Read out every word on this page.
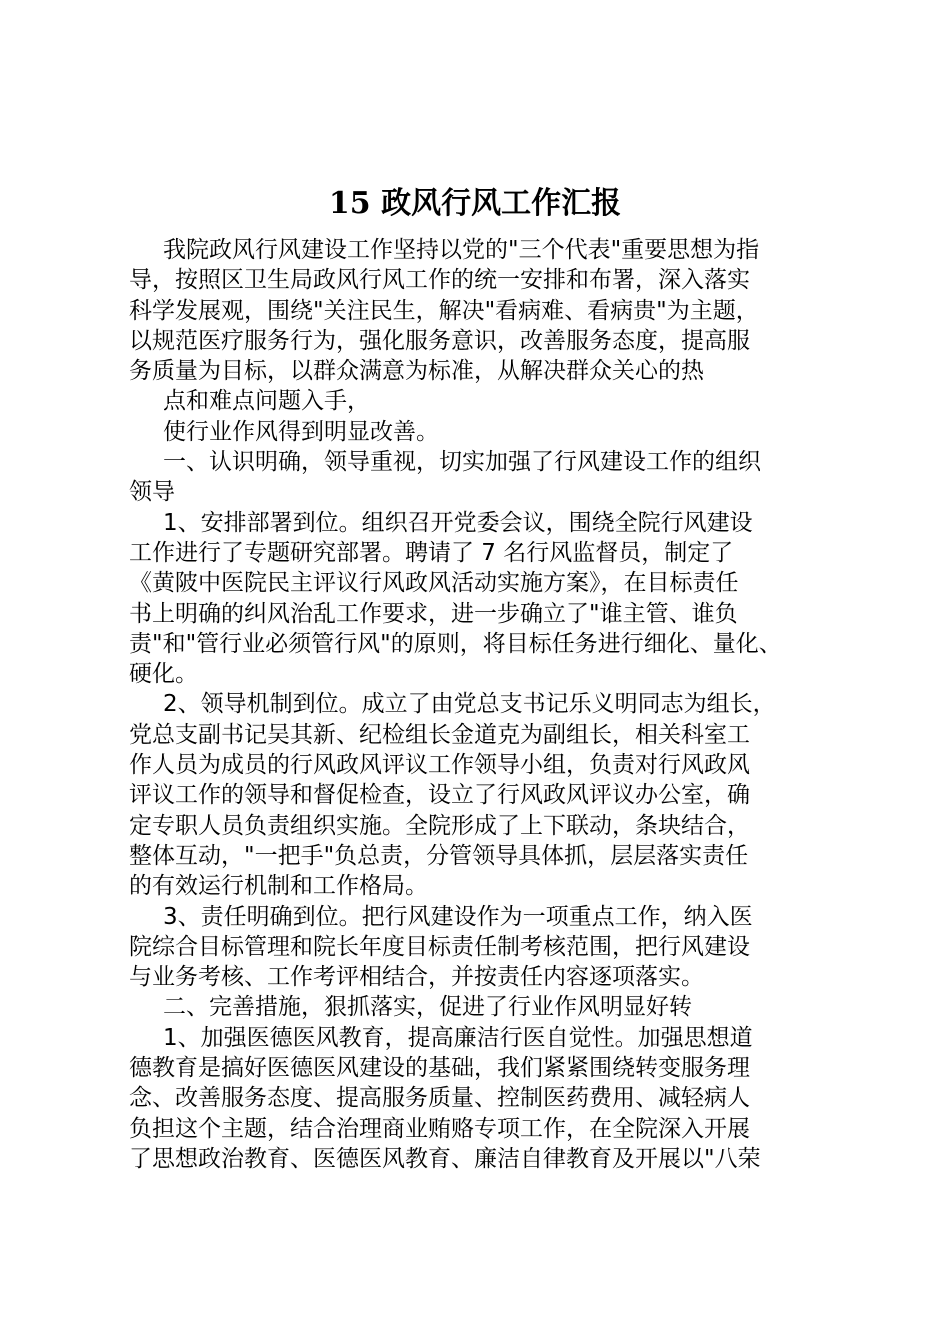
15 政风行风工作汇报
我院政风行风建设工作坚持以党的"三个代表"重要思想为指
导，按照区卫生局政风行风工作的统一安排和布署，深入落实
科学发展观，围绕"关注民生，解决"看病难、看病贵"为主题，
以规范医疗服务行为，强化服务意识，改善服务态度，提高服
务质量为目标，以群众满意为标准，从解决群众关心的热
点和难点问题入手，
使行业作风得到明显改善。
一、认识明确，领导重视，切实加强了行风建设工作的组织
领导
1、安排部署到位。组织召开党委会议，围绕全院行风建设
工作进行了专题研究部署。聘请了 7 名行风监督员，制定了
《黄陂中医院民主评议行风政风活动实施方案》，在目标责任
书上明确的纠风治乱工作要求，进一步确立了"谁主管、谁负
责"和"管行业必须管行风"的原则，将目标任务进行细化、量化、
硬化。
2、领导机制到位。成立了由党总支书记乐义明同志为组长，
党总支副书记吴其新、纪检组长金道克为副组长，相关科室工
作人员为成员的行风政风评议工作领导小组，负责对行风政风
评议工作的领导和督促检查，设立了行风政风评议办公室，确
定专职人员负责组织实施。全院形成了上下联动，条块结合，
整体互动，"一把手"负总责，分管领导具体抓，层层落实责任
的有效运行机制和工作格局。
3、责任明确到位。把行风建设作为一项重点工作，纳入医
院综合目标管理和院长年度目标责任制考核范围，把行风建设
与业务考核、工作考评相结合，并按责任内容逐项落实。
二、完善措施，狠抓落实，促进了行业作风明显好转
1、加强医德医风教育，提高廉洁行医自觉性。加强思想道
德教育是搞好医德医风建设的基础，我们紧紧围绕转变服务理
念、改善服务态度、提高服务质量、控制医药费用、减轻病人
负担这个主题，结合治理商业贿赂专项工作，在全院深入开展
了思想政治教育、医德医风教育、廉洁自律教育及开展以"八荣
